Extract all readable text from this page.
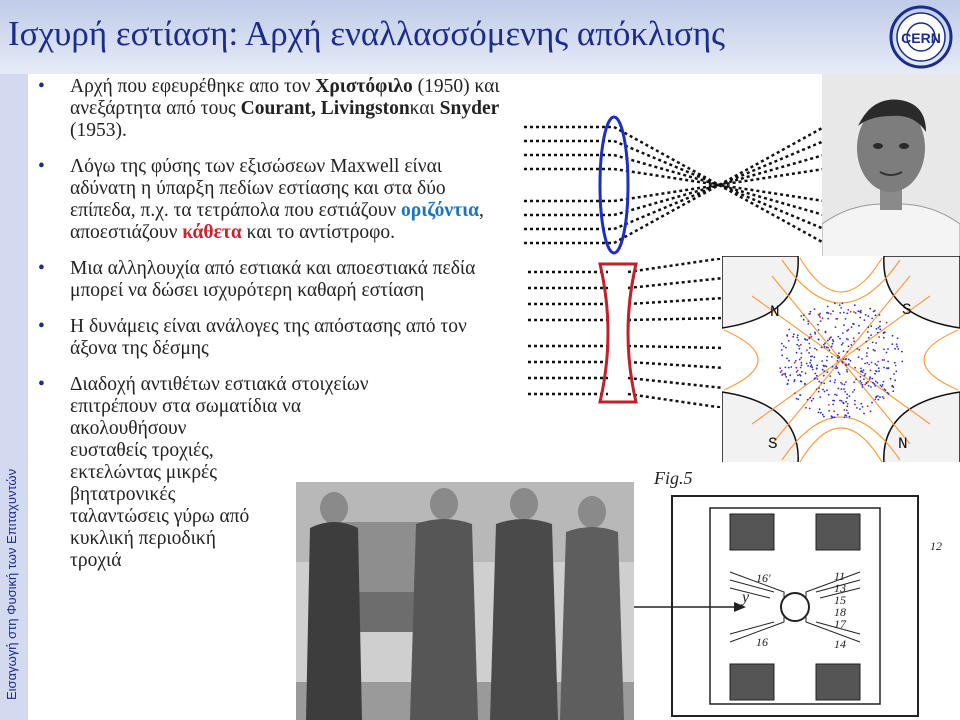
Ισχυρή εστίαση: Αρχή εναλλασσόμενης απόκλισης	CERN
Εισαγωγή στη Φυσική των Επιταχυντών
• Αρχή που εφευρέθηκε απο τον Χριστόφιλο (1950) και ανεξάρτητα από τους Courant, Livingstonκαι Snyder (1953).
• Λόγω της φύσης των εξισώσεων Maxwell είναι αδύνατη η ύπαρξη πεδίων εστίασης και στα δύο επίπεδα, π.χ. τα τετράπολα που εστιάζουν οριζόντια, αποεστιάζουν κάθετα και το αντίστροφο.
• Μια αλληλουχία από εστιακά και αποεστιακά πεδία μπορεί να δώσει ισχυρότερη καθαρή εστίαση
• Η δυνάμεις είναι ανάλογες της απόστασης από τον άξονα της δέσμης
• Διαδοχή αντιθέτων εστιακά στοιχείων
επιτρέπουν στα σωματίδια να
ακολουθήσουν
ευσταθείς τροχιές,
εκτελώντας μικρές
βητατρονικές
ταλαντώσεις γύρω από
κυκλική περιοδική
τροχιά
N	S
S	N
Fig.5
y
12
16'	11
13
15
18
17
16	14
